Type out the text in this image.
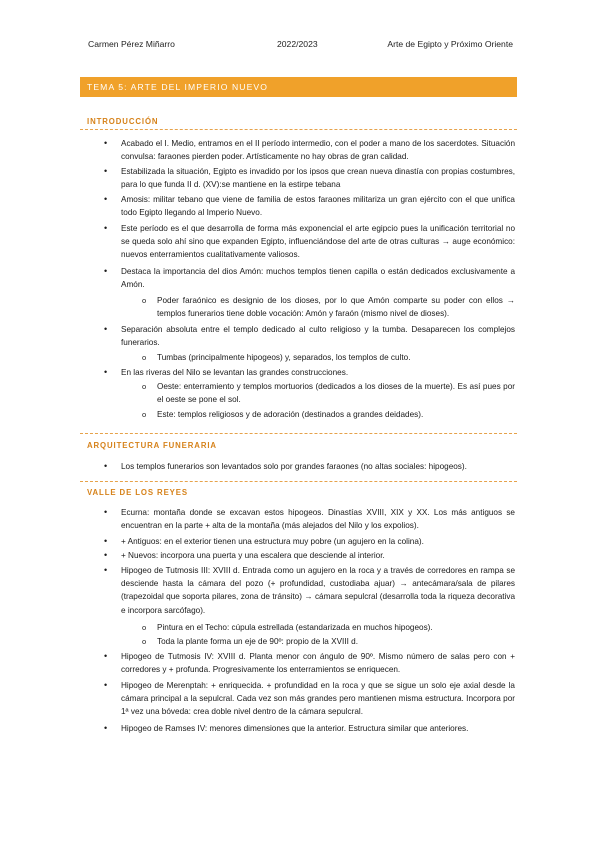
Carmen Pérez Miñarro	2022/2023	Arte de Egipto y Próximo Oriente
TEMA 5: ARTE DEL IMPERIO NUEVO
INTRODUCCIÓN
• Acabado el I. Medio, entramos en el II período intermedio, con el poder a mano de los sacerdotes. Situación convulsa: faraones pierden poder. Artísticamente no hay obras de gran calidad.
• Estabilizada la situación, Egipto es invadido por los ipsos que crean nueva dinastía con propias costumbres, para lo que funda II d. (XV):se mantiene en la estirpe tebana
• Amosis: militar tebano que viene de familia de estos faraones militariza un gran ejército con el que unifica todo Egipto llegando al Imperio Nuevo.
• Este período es el que desarrolla de forma más exponencial el arte egipcio pues la unificación territorial no se queda solo ahí sino que expanden Egipto, influenciándose del arte de otras culturas → auge económico: nuevos enterramientos cualitativamente valiosos.
• Destaca la importancia del dios Amón: muchos templos tienen capilla o están dedicados exclusivamente a Amón.
o Poder faraónico es designio de los dioses, por lo que Amón comparte su poder con ellos → templos funerarios tiene doble vocación: Amón y faraón (mismo nivel de dioses).
• Separación absoluta entre el templo dedicado al culto religioso y la tumba. Desaparecen los complejos funerarios.
o Tumbas (principalmente hipogeos) y, separados, los templos de culto.
• En las riveras del Nilo se levantan las grandes construcciones.
o Oeste: enterramiento y templos mortuorios (dedicados a los dioses de la muerte). Es así pues por el oeste se pone el sol.
o Este: templos religiosos y de adoración (destinados a grandes deidades).
ARQUITECTURA FUNERARIA
• Los templos funerarios son levantados solo por grandes faraones (no altas sociales: hipogeos).
VALLE DE LOS REYES
• Ecurna: montaña donde se excavan estos hipogeos. Dinastías XVIII, XIX y XX. Los más antiguos se encuentran en la parte + alta de la montaña (más alejados del Nilo y los expolios).
• + Antiguos: en el exterior tienen una estructura muy pobre (un agujero en la colina).
• + Nuevos: incorpora una puerta y una escalera que desciende al interior.
• Hipogeo de Tutmosis III: XVIII d. Entrada como un agujero en la roca y a través de corredores en rampa se desciende hasta la cámara del pozo (+ profundidad, custodiaba ajuar) → antecámara/sala de pilares (trapezoidal que soporta pilares, zona de tránsito) → cámara sepulcral (desarrolla toda la riqueza decorativa e incorpora sarcófago).
o Pintura en el Techo: cúpula estrellada (estandarizada en muchos hipogeos).
o Toda la plante forma un eje de 90º: propio de la XVIII d.
• Hipogeo de Tutmosis IV: XVIII d. Planta menor con ángulo de 90º. Mismo número de salas pero con + corredores y + profunda. Progresivamente los enterramientos se enriquecen.
• Hipogeo de Merenptah: + enriquecida. + profundidad en la roca y que se sigue un solo eje axial desde la cámara principal a la sepulcral. Cada vez son más grandes pero mantienen misma estructura. Incorpora por 1ª vez una bóveda: crea doble nivel dentro de la cámara sepulcral.
• Hipogeo de Ramses IV: menores dimensiones que la anterior. Estructura similar que anteriores.
